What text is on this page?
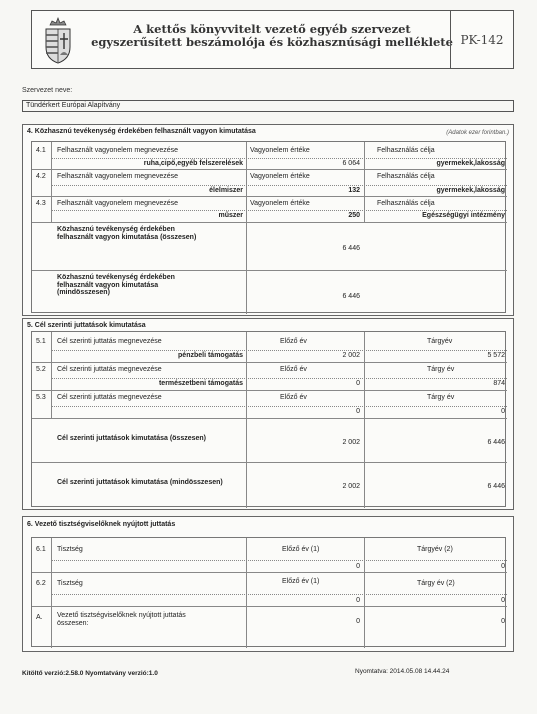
A kettős könyvvitelt vezető egyéb szervezet
egyszerűsített beszámolója és közhasznúsági melléklete PK-142
Szervezet neve:
Tündérkert Európai Alapítvány
4. Közhasznú tevékenység érdekében felhasznált vagyon kimutatása	(Adatok ezer forintban.)
4.1 Felhasznált vagyonelem megnevezése	Vagyonelem értéke	Felhasználás célja
ruha,cipő,egyéb felszerelések	6 064	gyermekek,lakosság
4.2 Felhasznált vagyonelem megnevezése	Vagyonelem értéke	Felhasználás célja
élelmiszer	132	gyermekek,lakosság
4.3 Felhasznált vagyonelem megnevezése	Vagyonelem értéke	Felhasználás célja
műszer	250	Egészségügyi intézmény
Közhasznú tevékenység érdekében felhasznált vagyon kimutatása (összesen)
6 446
Közhasznú tevékenység érdekében felhasznált vagyon kimutatása (mindösszesen)
6 446
5. Cél szerinti juttatások kimutatása
5.1 Cél szerinti juttatás megnevezése	Előző év	Tárgyév
pénzbeli támogatás	2 002	5 572
5.2 Cél szerinti juttatás megnevezése	Előző év	Tárgy év
természetbeni támogatás	0	874
5.3 Cél szerinti juttatás megnevezése	Előző év	Tárgy év
0	0
Cél szerinti juttatások kimutatása (összesen)
2 002	6 446
Cél szerinti juttatások kimutatása (mindösszesen)
2 002	6 446
6. Vezető tisztségviselőknek nyújtott juttatás
6.1 Tisztség	Előző év (1)	Tárgyév (2)
0	0
6.2 Tisztség	Előző év (1)	Tárgy év (2)
0	0
A. Vezető tisztségviselőknek nyújtott juttatás összesen:	0	0
Kitöltő verzió:2.58.0 Nyomtatvány verzió:1.0	Nyomtatva: 2014.05.08 14.44.24
